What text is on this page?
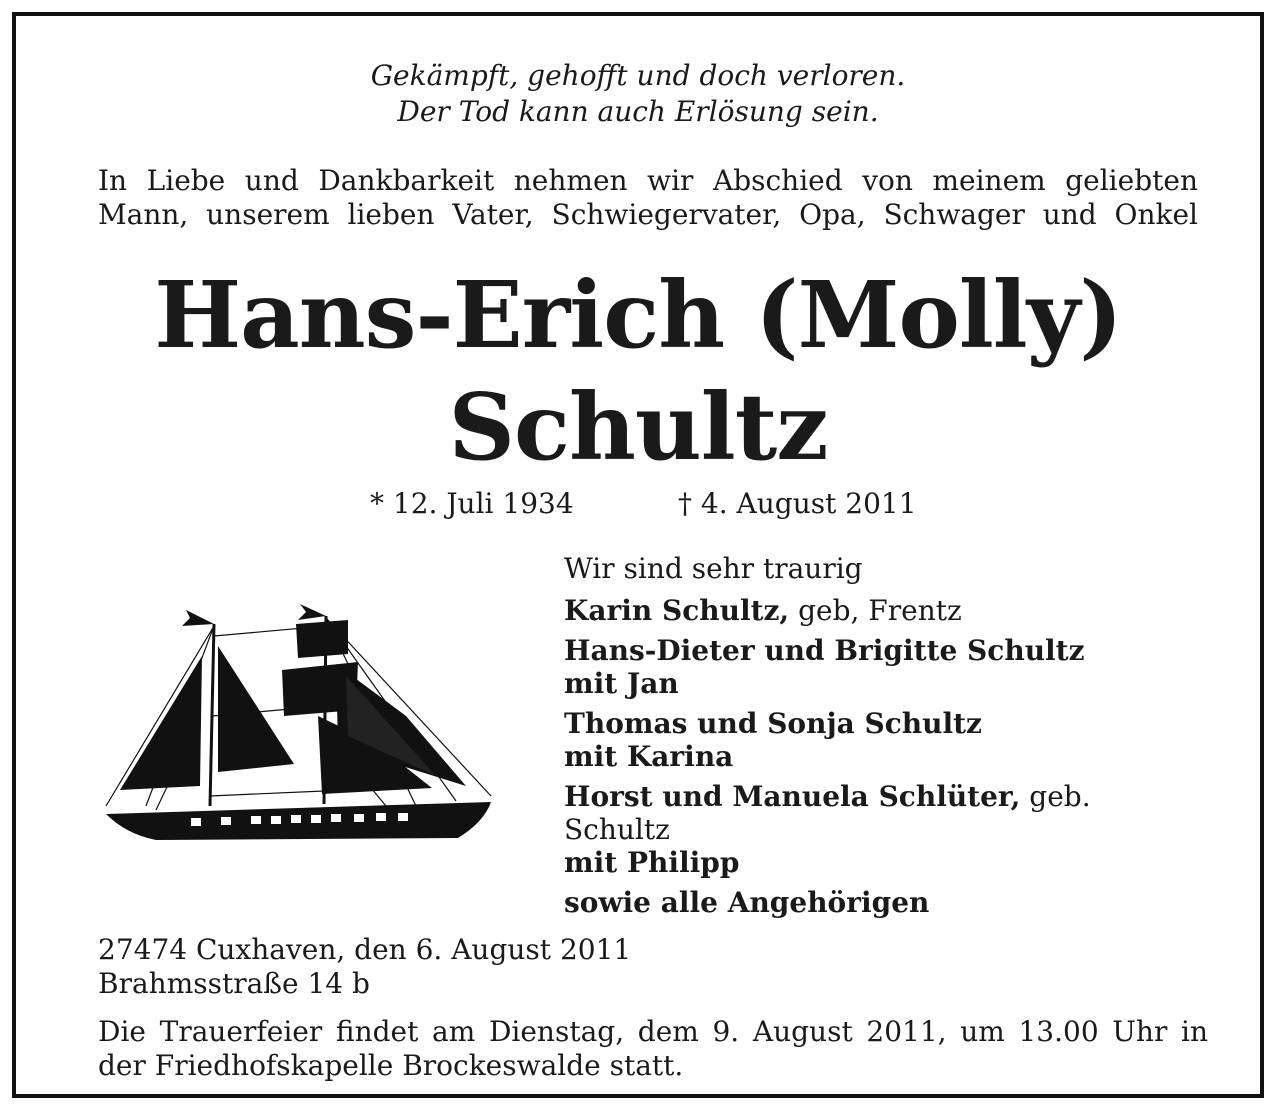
Gekämpft, gehofft und doch verloren.
Der Tod kann auch Erlösung sein.
In Liebe und Dankbarkeit nehmen wir Abschied von meinem geliebten
Mann, unserem lieben Vater, Schwiegervater, Opa, Schwager und Onkel
Hans-Erich (Molly)
Schultz
* 12. Juli 1934	† 4. August 2011
Wir sind sehr traurig
Karin Schultz, geb, Frentz
Hans-Dieter und Brigitte Schultz
mit Jan
Thomas und Sonja Schultz
mit Karina
Horst und Manuela Schlüter, geb. Schultz
mit Philipp
sowie alle Angehörigen
27474 Cuxhaven, den 6. August 2011
Brahmsstraße 14 b
Die Trauerfeier findet am Dienstag, dem 9. August 2011, um 13.00 Uhr in
der Friedhofskapelle Brockeswalde statt.
